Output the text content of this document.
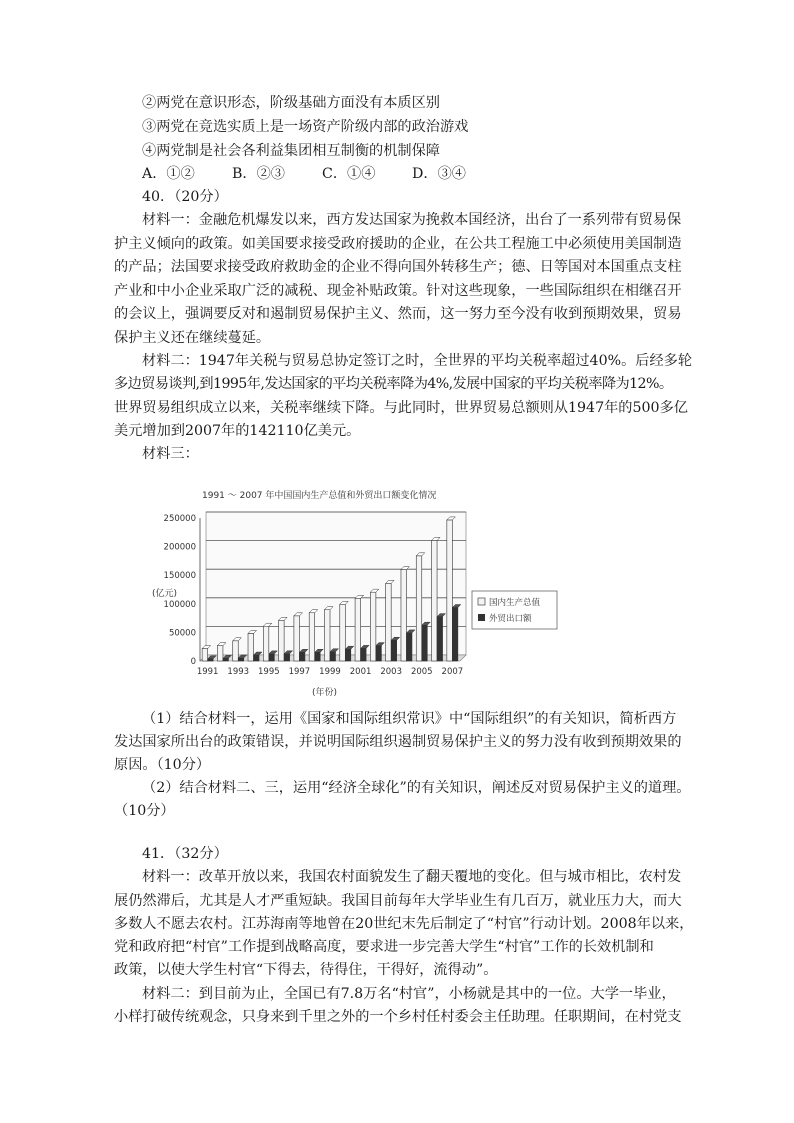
②两党在意识形态，阶级基础方面没有本质区别
③两党在竞选实质上是一场资产阶级内部的政治游戏
④两党制是社会各利益集团相互制衡的机制保障
A．①②	B．②③	C．①④	D．③④
40．（20分）
材料一：金融危机爆发以来，西方发达国家为挽救本国经济，出台了一系列带有贸易保
护主义倾向的政策。如美国要求接受政府援助的企业，在公共工程施工中必须使用美国制造
的产品；法国要求接受政府救助金的企业不得向国外转移生产；德、日等国对本国重点支柱
产业和中小企业采取广泛的减税、现金补贴政策。针对这些现象，一些国际组织在相继召开
的会议上，强调要反对和遏制贸易保护主义、然而，这一努力至今没有收到预期效果，贸易
保护主义还在继续蔓延。
材料二：1947年关税与贸易总协定签订之时，全世界的平均关税率超过40%。后经多轮
多边贸易谈判,到1995年,发达国家的平均关税率降为4%,发展中国家的平均关税率降为12%。
世界贸易组织成立以来，关税率继续下降。与此同时，世界贸易总额则从1947年的500多亿
美元增加到2007年的142110亿美元。
材料三：
1991 ～ 2007 年中国国内生产总值和外贸出口额变化情况
(亿元)
(年份)
0
50000
100000
150000
200000
250000
1991 1993 1995 1997 1999 2001 2003 2005 2007
国内生产总值
外贸出口额
（1）结合材料一，运用《国家和国际组织常识》中“国际组织”的有关知识，简析西方
发达国家所出台的政策错误，并说明国际组织遏制贸易保护主义的努力没有收到预期效果的
原因。（10分）
（2）结合材料二、三，运用“经济全球化”的有关知识，阐述反对贸易保护主义的道理。
（10分）
41．（32分）
材料一：改革开放以来，我国农村面貌发生了翻天覆地的变化。但与城市相比，农村发
展仍然滞后，尤其是人才严重短缺。我国目前每年大学毕业生有几百万，就业压力大，而大
多数人不愿去农村。江苏海南等地曾在20世纪末先后制定了“村官”行动计划。2008年以来，
党和政府把“村官”工作提到战略高度，要求进一步完善大学生“村官”工作的长效机制和
政策，以使大学生村官“下得去，待得住，干得好，流得动”。
材料二：到目前为止，全国已有7.8万名“村官”，小杨就是其中的一位。大学一毕业，
小样打破传统观念，只身来到千里之外的一个乡村任村委会主任助理。任职期间，在村党支
